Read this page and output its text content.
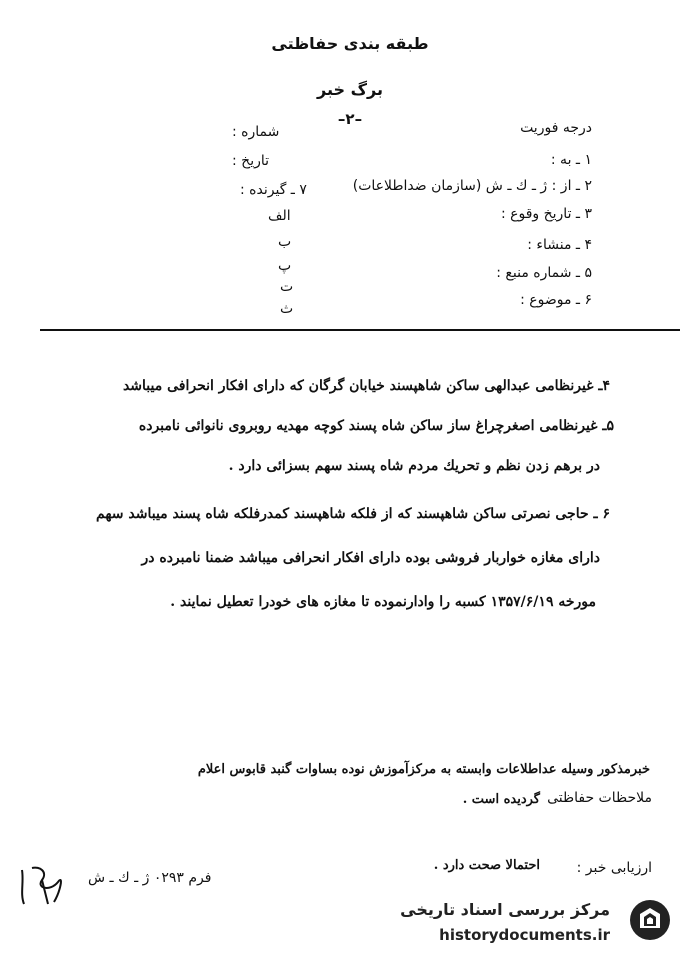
طبقه بندی حفاظتی
برگ خبر
–۲–	درجه فوریت
شماره :
۱ ـ به :
تاریخ :
۲ ـ از : ژ ـ ك ـ ش (سازمان ضداطلاعات)
۷ ـ گیرنده :
۳ ـ تاریخ وقوع :
الف
۴ ـ منشاء :
ب
پ	۵ ـ شماره منبع :
ت
۶ ـ موضوع :
ث
۴ـ غیرنظامی عبدالهی ساکن شاهپسند خیابان گرگان که دارای افکار انحرافی میباشد
۵ـ غیرنظامی اصغرچراغ ساز ساکن شاه پسند کوچه مهدیه روبروی نانوائی نامبرده
در برهم زدن نظم و تحریك مردم شاه پسند سهم بسزائی دارد .
۶ ـ حاجی نصرتی ساکن شاهپسند که از فلکه شاهپسند کمدرفلکه شاه پسند میباشد سهم
دارای مغازه خواربار فروشی بوده دارای افکار انحرافی میباشد ضمنا نامبرده در
مورخه ۱۳۵۷/۶/۱۹ کسبه را وادارنموده تا مغازه های خودرا تعطیل نمایند .
خبرمذکور وسیله عداطلاعات وابسته به مرکزآموزش نوده بساوات گنبد قابوس اعلام
ملاحظات حفاظتی
گردیده است .
ارزیابی خبر :
احتمالا صحت دارد .
فرم ۰۲۹۳ ژ ـ ك ـ ش
مرکز بررسی اسناد تاریخی
historydocuments.ir
